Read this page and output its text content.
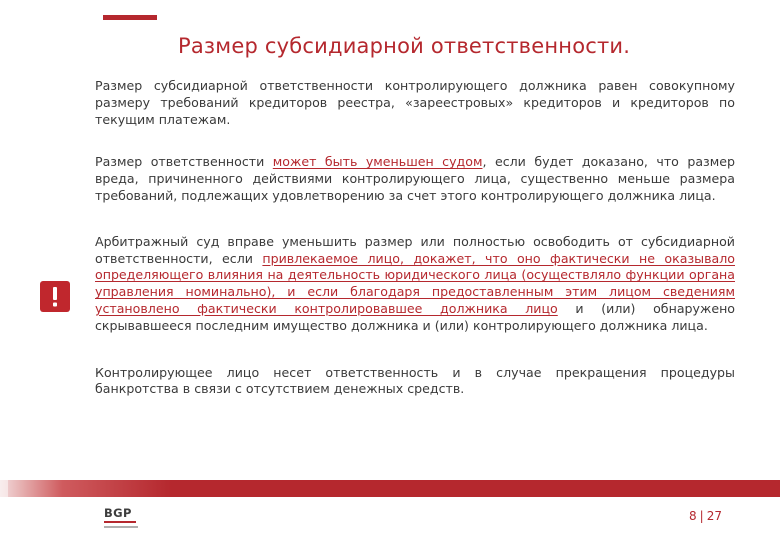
Размер субсидиарной ответственности.

Размер субсидиарной ответственности контролирующего должника равен совокупному размеру требований кредиторов реестра, «зареестровых» кредиторов и кредиторов по текущим платежам.

Размер ответственности может быть уменьшен судом, если будет доказано, что размер вреда, причиненного действиями контролирующего лица, существенно меньше размера требований, подлежащих удовлетворению за счет этого контролирующего должника лица.

Арбитражный суд вправе уменьшить размер или полностью освободить от субсидиарной ответственности, если привлекаемое лицо, докажет, что оно фактически не оказывало определяющего влияния на деятельность юридического лица (осуществляло функции органа управления номинально), и если благодаря предоставленным этим лицом сведениям установлено фактически контролировавшее должника лицо и (или) обнаружено скрывавшееся последним имущество должника и (или) контролирующего должника лица.

Контролирующее лицо несет ответственность и в случае прекращения процедуры банкротства в связи с отсутствием денежных средств.

BGP	8 | 27
